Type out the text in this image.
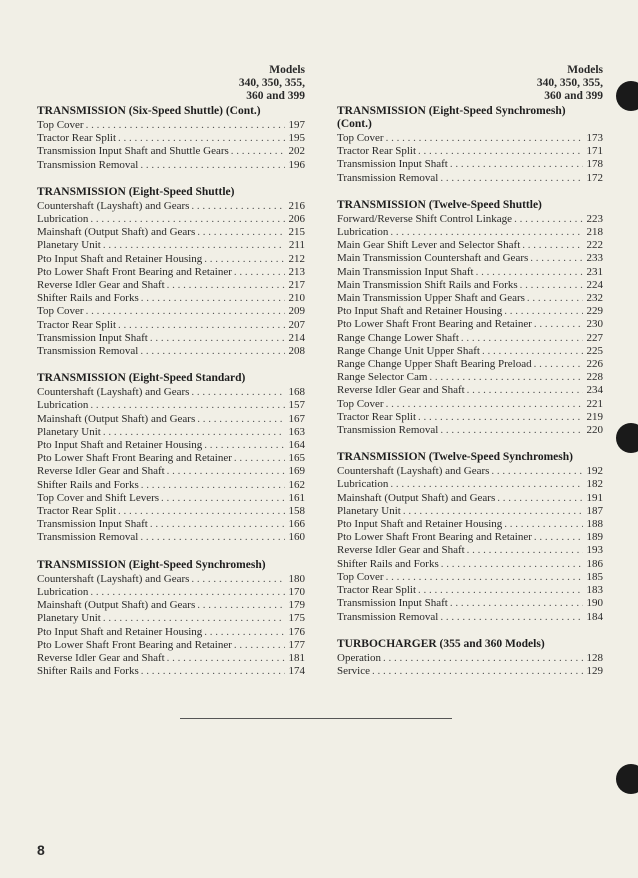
Models
340, 350, 355,
360 and 399
TRANSMISSION (Six-Speed Shuttle) (Cont.)
Top Cover . . .	197
Tractor Rear Split . . .	195
Transmission Input Shaft and Shuttle Gears . . .	202
Transmission Removal . . .	196
TRANSMISSION (Eight-Speed Shuttle)
Countershaft (Layshaft) and Gears . . .	216
Lubrication . . .	206
Mainshaft (Output Shaft) and Gears . . .	215
Planetary Unit . . .	211
Pto Input Shaft and Retainer Housing . . .	212
Pto Lower Shaft Front Bearing and Retainer . . .	213
Reverse Idler Gear and Shaft . . .	217
Shifter Rails and Forks . . .	210
Top Cover . . .	209
Tractor Rear Split . . .	207
Transmission Input Shaft . . .	214
Transmission Removal . . .	208
TRANSMISSION (Eight-Speed Standard)
Countershaft (Layshaft) and Gears . . .	168
Lubrication . . .	157
Mainshaft (Output Shaft) and Gears . . .	167
Planetary Unit . . .	163
Pto Input Shaft and Retainer Housing . . .	164
Pto Lower Shaft Front Bearing and Retainer . . .	165
Reverse Idler Gear and Shaft . . .	169
Shifter Rails and Forks . . .	162
Top Cover and Shift Levers . . .	161
Tractor Rear Split . . .	158
Transmission Input Shaft . . .	166
Transmission Removal . . .	160
TRANSMISSION (Eight-Speed Synchromesh)
Countershaft (Layshaft) and Gears . . .	180
Lubrication . . .	170
Mainshaft (Output Shaft) and Gears . . .	179
Planetary Unit . . .	175
Pto Input Shaft and Retainer Housing . . .	176
Pto Lower Shaft Front Bearing and Retainer . . .	177
Reverse Idler Gear and Shaft . . .	181
Shifter Rails and Forks . . .	174
Models
340, 350, 355,
360 and 399
TRANSMISSION (Eight-Speed Synchromesh) (Cont.)
Top Cover . . .	173
Tractor Rear Split . . .	171
Transmission Input Shaft . . .	178
Transmission Removal . . .	172
TRANSMISSION (Twelve-Speed Shuttle)
Forward/Reverse Shift Control Linkage . . .	223
Lubrication . . .	218
Main Gear Shift Lever and Selector Shaft . . .	222
Main Transmission Countershaft and Gears . . .	233
Main Transmission Input Shaft . . .	231
Main Transmission Shift Rails and Forks . . .	224
Main Transmission Upper Shaft and Gears . . .	232
Pto Input Shaft and Retainer Housing . . .	229
Pto Lower Shaft Front Bearing and Retainer . . .	230
Range Change Lower Shaft . . .	227
Range Change Unit Upper Shaft . . .	225
Range Change Upper Shaft Bearing Preload . . .	226
Range Selector Cam . . .	228
Reverse Idler Gear and Shaft . . .	234
Top Cover . . .	221
Tractor Rear Split . . .	219
Transmission Removal . . .	220
TRANSMISSION (Twelve-Speed Synchromesh)
Countershaft (Layshaft) and Gears . . .	192
Lubrication . . .	182
Mainshaft (Output Shaft) and Gears . . .	191
Planetary Unit . . .	187
Pto Input Shaft and Retainer Housing . . .	188
Pto Lower Shaft Front Bearing and Retainer . . .	189
Reverse Idler Gear and Shaft . . .	193
Shifter Rails and Forks . . .	186
Top Cover . . .	185
Tractor Rear Split . . .	183
Transmission Input Shaft . . .	190
Transmission Removal . . .	184
TURBOCHARGER (355 and 360 Models)
Operation . . .	128
Service . . .	129
8
